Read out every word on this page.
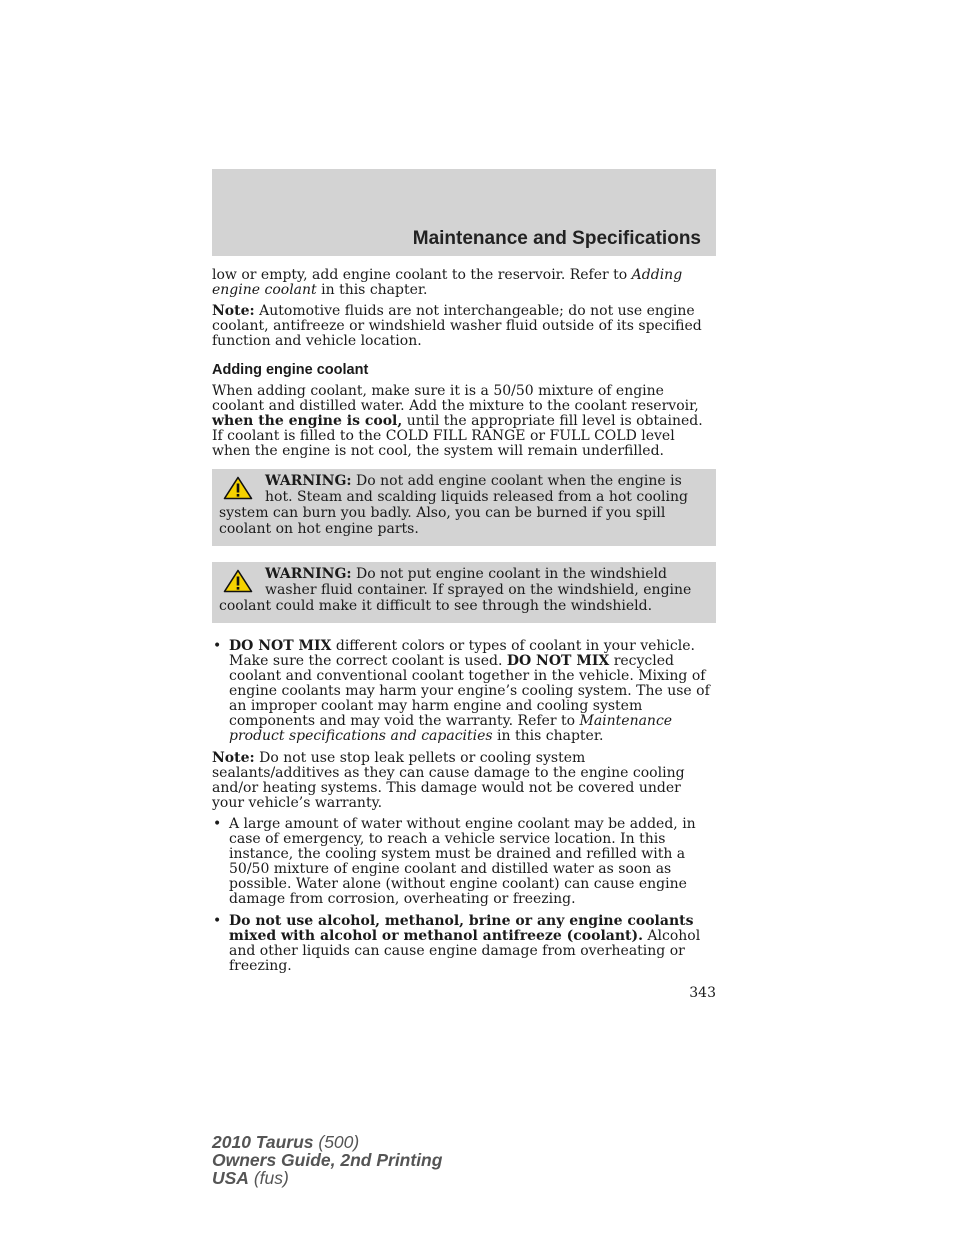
Maintenance and Specifications

low or empty, add engine coolant to the reservoir. Refer to Adding engine coolant in this chapter.

Note: Automotive fluids are not interchangeable; do not use engine coolant, antifreeze or windshield washer fluid outside of its specified function and vehicle location.

Adding engine coolant

When adding coolant, make sure it is a 50/50 mixture of engine coolant and distilled water. Add the mixture to the coolant reservoir, when the engine is cool, until the appropriate fill level is obtained. If coolant is filled to the COLD FILL RANGE or FULL COLD level when the engine is not cool, the system will remain underfilled.

WARNING: Do not add engine coolant when the engine is hot. Steam and scalding liquids released from a hot cooling system can burn you badly. Also, you can be burned if you spill coolant on hot engine parts.
WARNING: Do not put engine coolant in the windshield washer fluid container. If sprayed on the windshield, engine coolant could make it difficult to see through the windshield.
• DO NOT MIX different colors or types of coolant in your vehicle. Make sure the correct coolant is used. DO NOT MIX recycled coolant and conventional coolant together in the vehicle. Mixing of engine coolants may harm your engine’s cooling system. The use of an improper coolant may harm engine and cooling system components and may void the warranty. Refer to Maintenance product specifications and capacities in this chapter.

Note: Do not use stop leak pellets or cooling system sealants/additives as they can cause damage to the engine cooling and/or heating systems. This damage would not be covered under your vehicle’s warranty.

• A large amount of water without engine coolant may be added, in case of emergency, to reach a vehicle service location. In this instance, the cooling system must be drained and refilled with a 50/50 mixture of engine coolant and distilled water as soon as possible. Water alone (without engine coolant) can cause engine damage from corrosion, overheating or freezing.
• Do not use alcohol, methanol, brine or any engine coolants mixed with alcohol or methanol antifreeze (coolant). Alcohol and other liquids can cause engine damage from overheating or freezing.
343
2010 Taurus (500)
Owners Guide, 2nd Printing
USA (fus)
